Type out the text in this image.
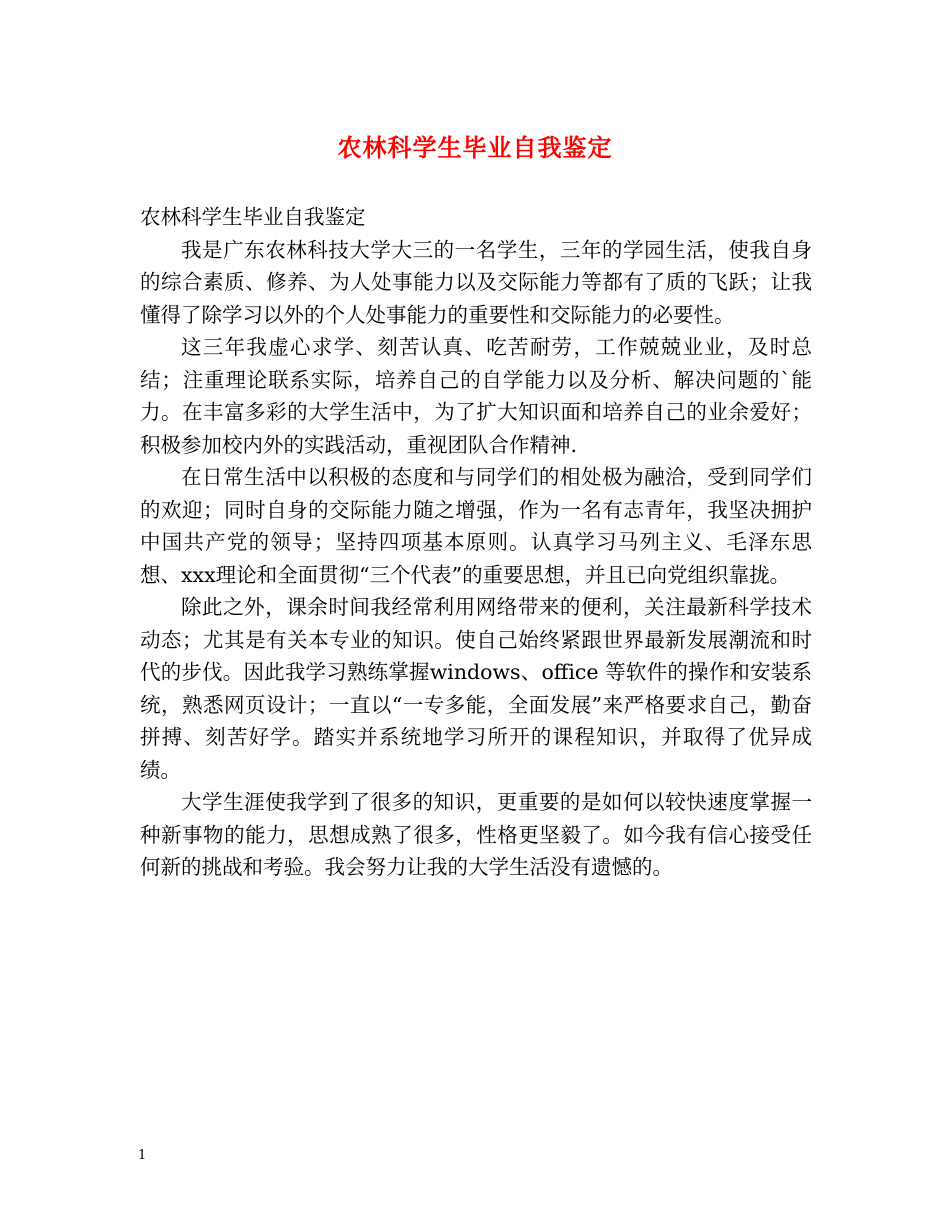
农林科学生毕业自我鉴定

农林科学生毕业自我鉴定

我是广东农林科技大学大三的一名学生，三年的学园生活，使我自身的综合素质、修养、为人处事能力以及交际能力等都有了质的飞跃；让我懂得了除学习以外的个人处事能力的重要性和交际能力的必要性。

这三年我虚心求学、刻苦认真、吃苦耐劳，工作兢兢业业，及时总结；注重理论联系实际，培养自己的自学能力以及分析、解决问题的`能力。在丰富多彩的大学生活中，为了扩大知识面和培养自己的业余爱好；积极参加校内外的实践活动，重视团队合作精神.

在日常生活中以积极的态度和与同学们的相处极为融洽，受到同学们的欢迎；同时自身的交际能力随之增强，作为一名有志青年，我坚决拥护中国共产党的领导；坚持四项基本原则。认真学习马列主义、毛泽东思想、xxx理论和全面贯彻“三个代表”的重要思想，并且已向党组织靠拢。

除此之外，课余时间我经常利用网络带来的便利，关注最新科学技术动态；尤其是有关本专业的知识。使自己始终紧跟世界最新发展潮流和时代的步伐。因此我学习熟练掌握windows、office 等软件的操作和安装系统，熟悉网页设计；一直以“一专多能，全面发展”来严格要求自己，勤奋拼搏、刻苦好学。踏实并系统地学习所开的课程知识，并取得了优异成绩。

大学生涯使我学到了很多的知识，更重要的是如何以较快速度掌握一种新事物的能力，思想成熟了很多，性格更坚毅了。如今我有信心接受任何新的挑战和考验。我会努力让我的大学生活没有遗憾的。

1
